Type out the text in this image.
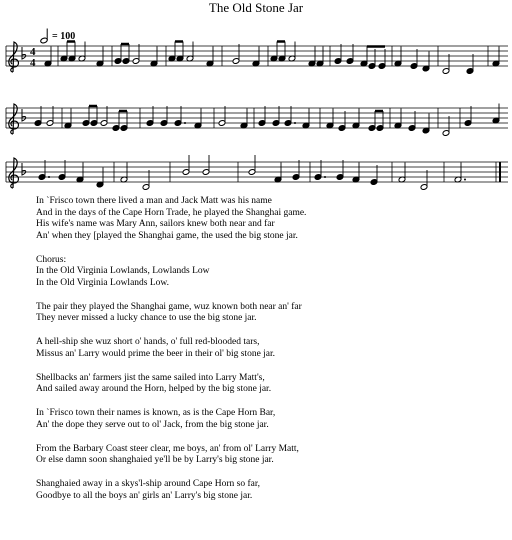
The Old Stone Jar
= 100
4
4
In `Frisco town there lived a man and Jack Matt was his name
And in the days of the Cape Horn Trade, he played the Shanghai game.
His wife's name was Mary Ann, sailors knew both near and far
An' when they [played the Shanghai game, the used the big stone jar.
Chorus:
In the Old Virginia Lowlands, Lowlands Low
In the Old Virginia Lowlands Low.
The pair they played the Shanghai game, wuz known both near an' far
They never missed a lucky chance to use the big stone jar.
A hell-ship she wuz short o' hands, o' full red-blooded tars,
Missus an' Larry would prime the beer in their ol' big stone jar.
Shellbacks an' farmers jist the same sailed into Larry Matt's,
And sailed away around the Horn, helped by the big stone jar.
In `Frisco town their names is known, as is the Cape Horn Bar,
An' the dope they serve out to ol' Jack, from the big stone jar.
From the Barbary Coast steer clear, me boys, an' from ol' Larry Matt,
Or else damn soon shanghaied ye'll be by Larry's big stone jar.
Shanghaied away in a skys'l-ship around Cape Horn so far,
Goodbye to all the boys an' girls an' Larry's big stone jar.
